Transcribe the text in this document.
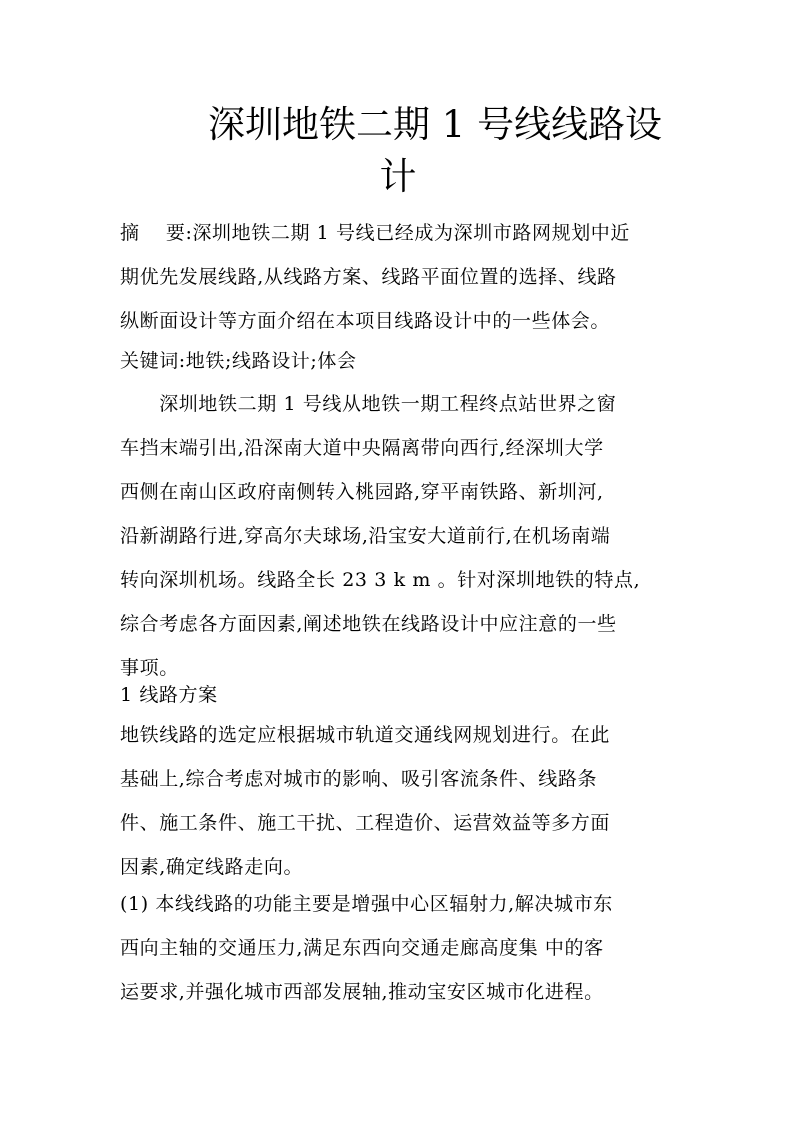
深圳地铁二期 1 号线线路设
计
摘　 要:深圳地铁二期 1 号线已经成为深圳市路网规划中近
期优先发展线路,从线路方案、线路平面位置的选择、线路
纵断面设计等方面介绍在本项目线路设计中的一些体会。
关键词:地铁;线路设计;体会
　　深圳地铁二期 1 号线从地铁一期工程终点站世界之窗
车挡末端引出,沿深南大道中央隔离带向西行,经深圳大学
西侧在南山区政府南侧转入桃园路,穿平南铁路、新圳河,
沿新湖路行进,穿高尔夫球场,沿宝安大道前行,在机场南端
转向深圳机场。线路全长 23 3 k m 。针对深圳地铁的特点,
综合考虑各方面因素,阐述地铁在线路设计中应注意的一些
事项。
1 线路方案
地铁线路的选定应根据城市轨道交通线网规划进行。在此
基础上,综合考虑对城市的影响、吸引客流条件、线路条
件、施工条件、施工干扰、工程造价、运营效益等多方面
因素,确定线路走向。
(1) 本线线路的功能主要是增强中心区辐射力,解决城市东
西向主轴的交通压力,满足东西向交通走廊高度集 中的客
运要求,并强化城市西部发展轴,推动宝安区城市化进程。
